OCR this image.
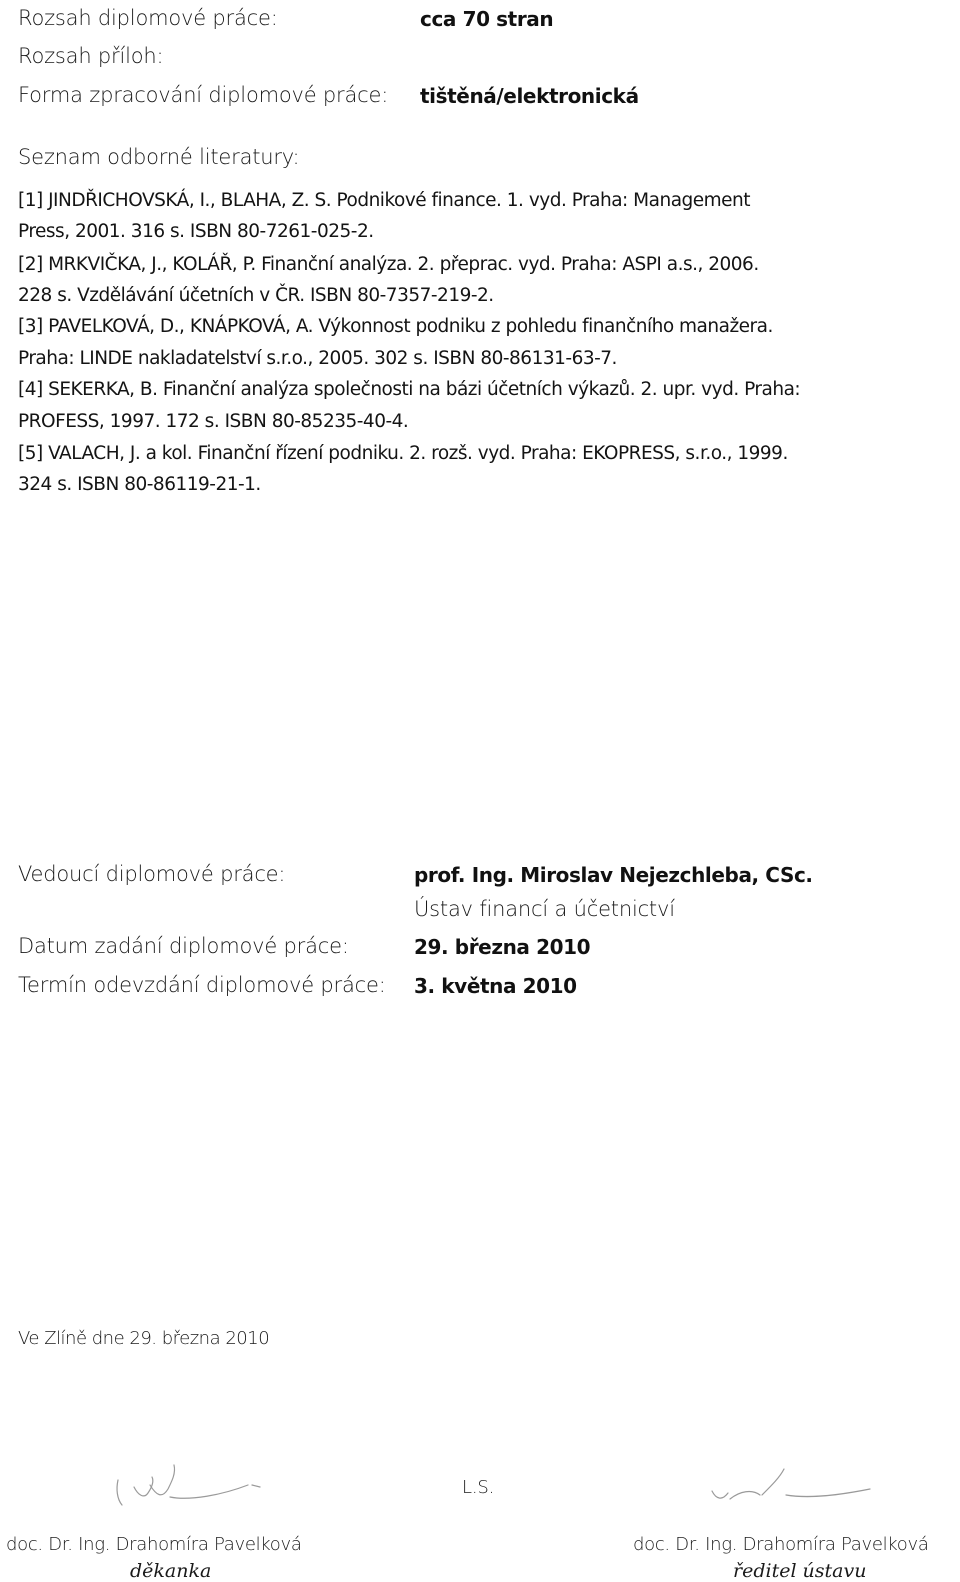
Rozsah diplomové práce:	cca 70 stran
Rozsah příloh:
Forma zpracování diplomové práce: tištěná/elektronická
Seznam odborné literatury:
[1] JINDŘICHOVSKÁ, I., BLAHA, Z. S. Podnikové finance. 1. vyd. Praha: Management
Press, 2001. 316 s. ISBN 80-7261-025-2.
[2] MRKVIČKA, J., KOLÁŘ, P. Finanční analýza. 2. přeprac. vyd. Praha: ASPI a.s., 2006.
228 s. Vzdělávání účetních v ČR. ISBN 80-7357-219-2.
[3] PAVELKOVÁ, D., KNÁPKOVÁ, A. Výkonnost podniku z pohledu finančního manažera.
Praha: LINDE nakladatelství s.r.o., 2005. 302 s. ISBN 80-86131-63-7.
[4] SEKERKA, B. Finanční analýza společnosti na bázi účetních výkazů. 2. upr. vyd. Praha:
PROFESS, 1997. 172 s. ISBN 80-85235-40-4.
[5] VALACH, J. a kol. Finanční řízení podniku. 2. rozš. vyd. Praha: EKOPRESS, s.r.o., 1999.
324 s. ISBN 80-86119-21-1.
Vedoucí diplomové práce:	prof. Ing. Miroslav Nejezchleba, CSc.
Ústav financí a účetnictví
Datum zadání diplomové práce:	29. března 2010
Termín odevzdání diplomové práce: 3. května 2010
Ve Zlíně dne 29. března 2010
L.S.
doc. Dr. Ing. Drahomíra Pavelková
děkanka
doc. Dr. Ing. Drahomíra Pavelková
ředitel ústavu
